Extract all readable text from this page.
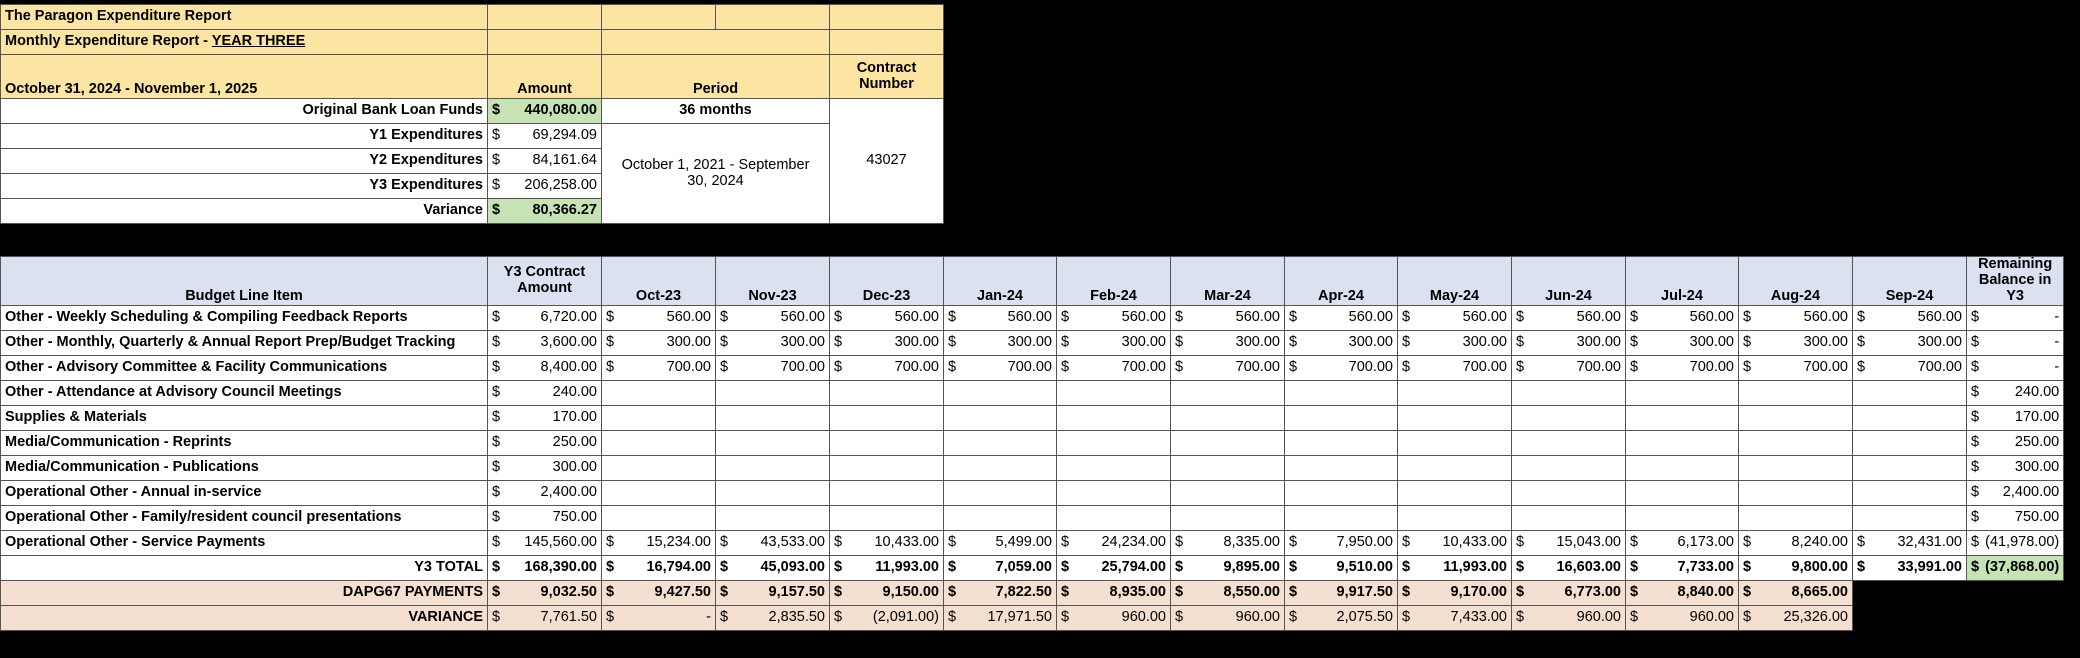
The Paragon Expenditure Report				
Monthly Expenditure Report - YEAR THREE				
October 31, 2024 - November 1, 2025	Amount	Period		Contract Number
Original Bank Loan Funds	$ 440,080.00	36 months		43027
Y1 Expenditures	$ 69,294.09	October 1, 2021 - September 30, 2024		
Y2 Expenditures	$ 84,161.64			

Y3 Expenditures	$ 206,258.00			

Variance	$ 80,366.27			
Budget Line Item	Y3 Contract Amount	Oct-23	Nov-23	Dec-23	Jan-24	Feb-24	Mar-24	Apr-24	May-24	Jun-24	Jul-24	Aug-24	Sep-24	Remaining Balance in Y3
Other - Weekly Scheduling & Compiling Feedback Reports	$ 6,720.00	$ 560.00	$ 560.00	$ 560.00	$ 560.00	$ 560.00	$ 560.00	$ 560.00	$ 560.00	$ 560.00	$ 560.00	$ 560.00	$ 560.00	$ -

Other - Monthly, Quarterly & Annual Report Prep/Budget Tracking	$ 3,600.00	$ 300.00	$ 300.00	$ 300.00	$ 300.00	$ 300.00	$ 300.00	$ 300.00	$ 300.00	$ 300.00	$ 300.00	$ 300.00	$ 300.00	$ -

Other - Advisory Committee & Facility Communications	$ 8,400.00	$ 700.00	$ 700.00	$ 700.00	$ 700.00	$ 700.00	$ 700.00	$ 700.00	$ 700.00	$ 700.00	$ 700.00	$ 700.00	$ 700.00	$ -

Other - Attendance at Advisory Council Meetings	$ 240.00													$ 240.00

Supplies & Materials	$ 170.00													$ 170.00

Media/Communication - Reprints	$ 250.00													$ 250.00

Media/Communication - Publications	$ 300.00													$ 300.00

Operational Other - Annual in-service	$ 2,400.00													$ 2,400.00

Operational Other - Family/resident council presentations	$ 750.00													$ 750.00

Operational Other - Service Payments	$ 145,560.00	$ 15,234.00	$ 43,533.00	$ 10,433.00	$ 5,499.00	$ 24,234.00	$ 8,335.00	$ 7,950.00	$ 10,433.00	$ 15,043.00	$ 6,173.00	$ 8,240.00	$ 32,431.00	$ (41,978.00)

Y3 TOTAL	$ 168,390.00	$ 16,794.00	$ 45,093.00	$ 11,993.00	$ 7,059.00	$ 25,794.00	$ 9,895.00	$ 9,510.00	$ 11,993.00	$ 16,603.00	$ 7,733.00	$ 9,800.00	$ 33,991.00	$ (37,868.00)

DAPG67 PAYMENTS	$ 9,032.50	$ 9,427.50	$ 9,157.50	$ 9,150.00	$ 7,822.50	$ 8,935.00	$ 8,550.00	$ 9,917.50	$ 9,170.00	$ 6,773.00	$ 8,840.00	$ 8,665.00		

VARIANCE	$ 7,761.50	$ -	$ 2,835.50	$ (2,091.00)	$ 17,971.50	$ 960.00	$ 960.00	$ 2,075.50	$ 7,433.00	$ 960.00	$ 960.00	$ 25,326.00		
